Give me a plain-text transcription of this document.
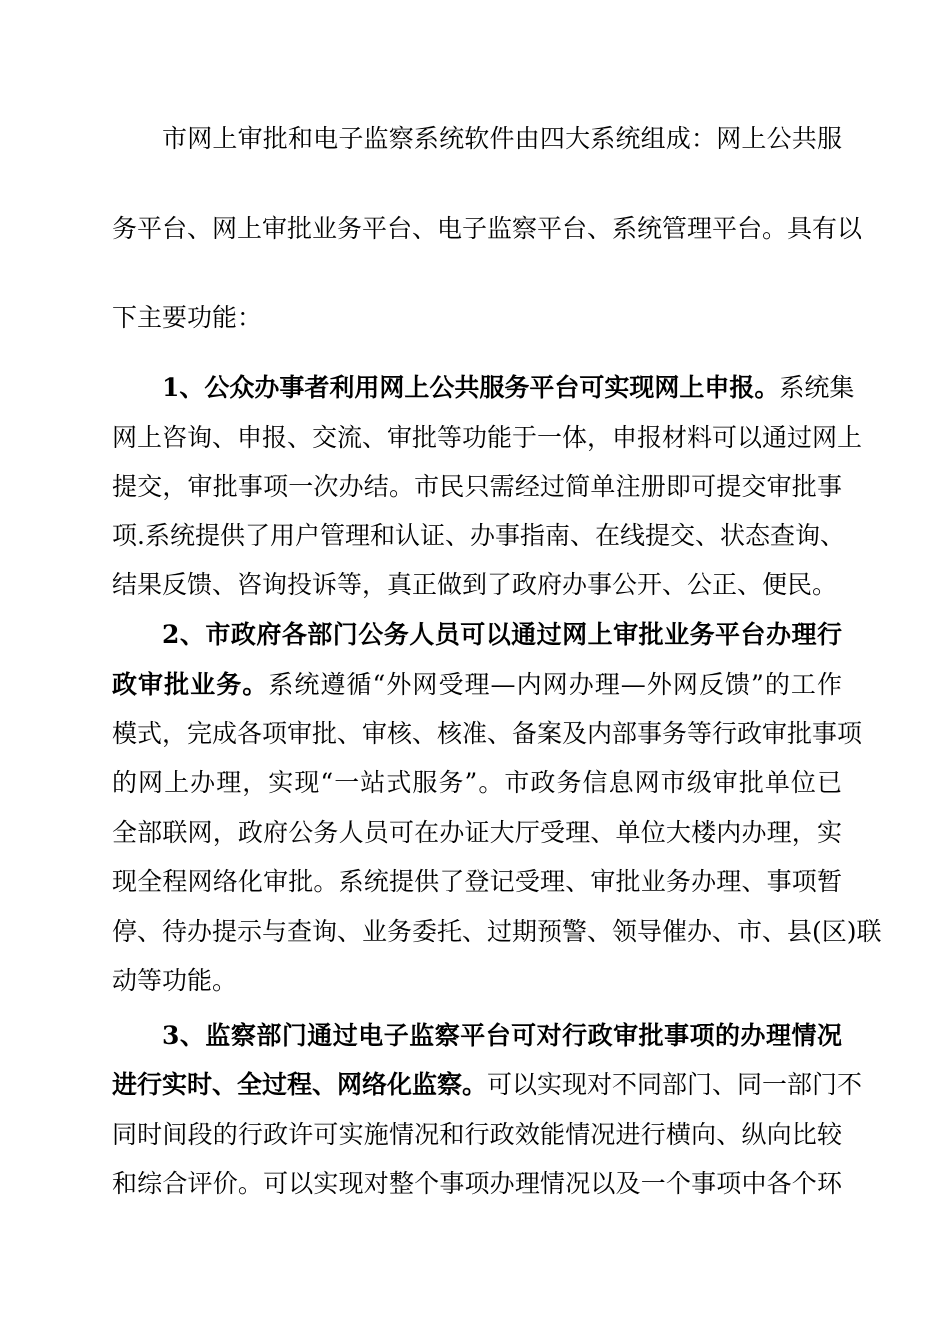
市网上审批和电子监察系统软件由四大系统组成：网上公共服
务平台、网上审批业务平台、电子监察平台、系统管理平台。具有以
下主要功能：
1、公众办事者利用网上公共服务平台可实现网上申报。系统集
网上咨询、申报、交流、审批等功能于一体，申报材料可以通过网上
提交，审批事项一次办结。市民只需经过简单注册即可提交审批事
项.系统提供了用户管理和认证、办事指南、在线提交、状态查询、
结果反馈、咨询投诉等，真正做到了政府办事公开、公正、便民。
2、市政府各部门公务人员可以通过网上审批业务平台办理行
政审批业务。系统遵循“外网受理—内网办理—外网反馈”的工作
模式，完成各项审批、审核、核准、备案及内部事务等行政审批事项
的网上办理，实现“一站式服务”。市政务信息网市级审批单位已
全部联网，政府公务人员可在办证大厅受理、单位大楼内办理，实
现全程网络化审批。系统提供了登记受理、审批业务办理、事项暂
停、待办提示与查询、业务委托、过期预警、领导催办、市、县(区)联
动等功能。
3、监察部门通过电子监察平台可对行政审批事项的办理情况
进行实时、全过程、网络化监察。可以实现对不同部门、同一部门不
同时间段的行政许可实施情况和行政效能情况进行横向、纵向比较
和综合评价。可以实现对整个事项办理情况以及一个事项中各个环
